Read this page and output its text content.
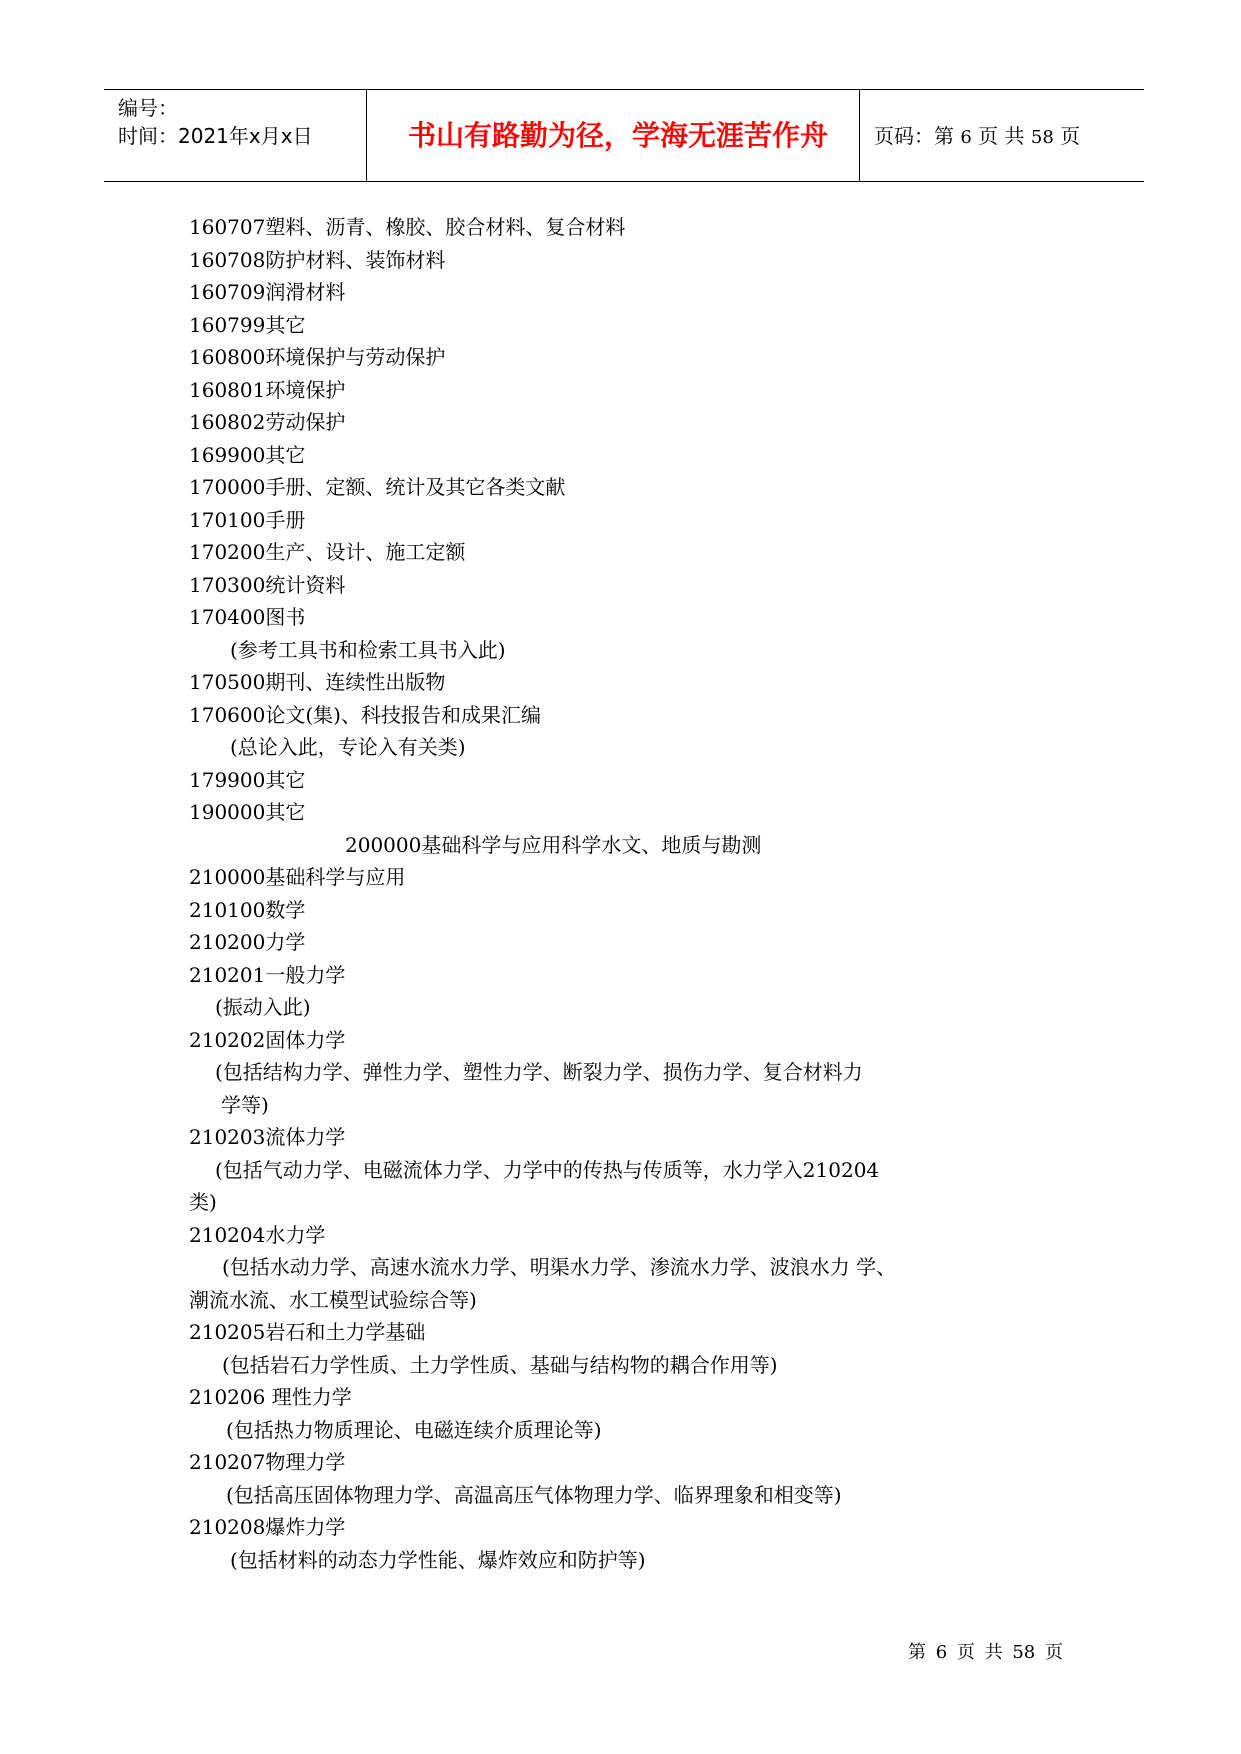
编号：
时间：2021年x月x日	书山有路勤为径，学海无涯苦作舟	页码：第 6 页 共 58 页
160707塑料、沥青、橡胶、胶合材料、复合材料
160708防护材料、装饰材料
160709润滑材料
160799其它
160800环境保护与劳动保护
160801环境保护
160802劳动保护
169900其它
170000手册、定额、统计及其它各类文献
170100手册
170200生产、设计、施工定额
170300统计资料
170400图书
(参考工具书和检索工具书入此)
170500期刊、连续性出版物
170600论文(集)、科技报告和成果汇编
(总论入此，专论入有关类)
179900其它
190000其它
200000基础科学与应用科学水文、地质与勘测
210000基础科学与应用
210100数学
210200力学
210201一般力学
(振动入此)
210202固体力学
(包括结构力学、弹性力学、塑性力学、断裂力学、损伤力学、复合材料力
学等)
210203流体力学
(包括气动力学、电磁流体力学、力学中的传热与传质等，水力学入210204
类)
210204水力学
(包括水动力学、高速水流水力学、明渠水力学、渗流水力学、波浪水力 学、
潮流水流、水工模型试验综合等)
210205岩石和土力学基础
(包括岩石力学性质、土力学性质、基础与结构物的耦合作用等)
210206 理性力学
(包括热力物质理论、电磁连续介质理论等)
210207物理力学
(包括高压固体物理力学、高温高压气体物理力学、临界理象和相变等)
210208爆炸力学
(包括材料的动态力学性能、爆炸效应和防护等)
第 6 页 共 58 页
